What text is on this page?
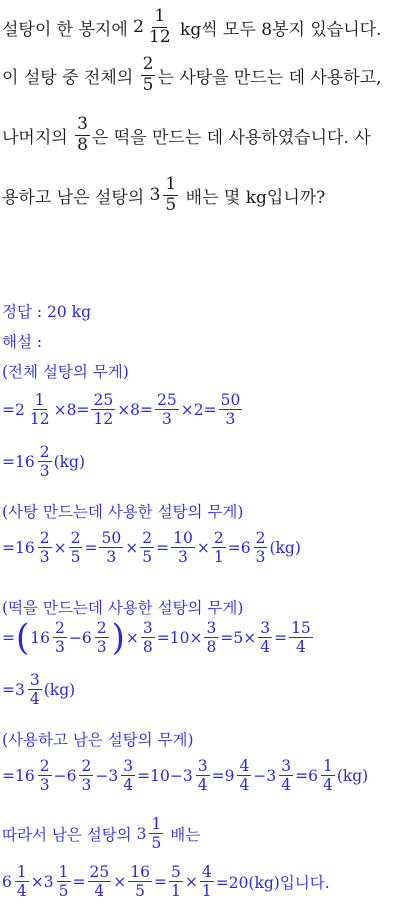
설탕이 한 봉지에 $2 \frac{1}{12}$ kg씩 모두 8봉지 있습니다.
이 설탕 중 전체의 $\frac{2}{5}$ 는 사탕을 만드는 데 사용하고,
나머지의 $\frac{3}{8}$ 은 떡을 만드는 데 사용하였습니다. 사
용하고 남은 설탕의 $3 \frac{1}{5}$ 배는 몇 kg입니까?
정답 : 20 kg
해설 :
(전체 설탕의 무게)
= $2 \frac{1}{12} \times 8= \frac{25}{12} \times 8= \frac{25}{3} \times 2= \frac{50}{3}$
= $16 \frac{2}{3} (kg)$
(사탕 만드는데 사용한 설탕의 무게)
= $16 \frac{2}{3} \times \frac{2}{5} = \frac{50}{3} \times \frac{2}{5} = \frac{10}{3} \times \frac{2}{1} = 6 \frac{2}{3} (kg)$
(떡을 만드는데 사용한 설탕의 무게)
= ( $16 \frac{2}{3} - 6 \frac{2}{3}$ ) × $\frac{3}{8} =10\times \frac{3}{8} =5\times \frac{3}{4} = \frac{15}{4}$
= $3 \frac{3}{4} (kg)$
(사용하고 남은 설탕의 무게)
= $16 \frac{2}{3} - 6 \frac{2}{3} - 3 \frac{3}{4} =10- 3 \frac{3}{4} = 9 \frac{4}{4} - 3 \frac{3}{4} = 6 \frac{1}{4} (kg)$
따라서 남은 설탕의 $3 \frac{1}{5}$ 배는
$6 \frac{1}{4} \times 3 \frac{1}{5} = \frac{25}{4} \times \frac{16}{5} = \frac{5}{1} \times \frac{4}{1} =20(kg)$입니다.
